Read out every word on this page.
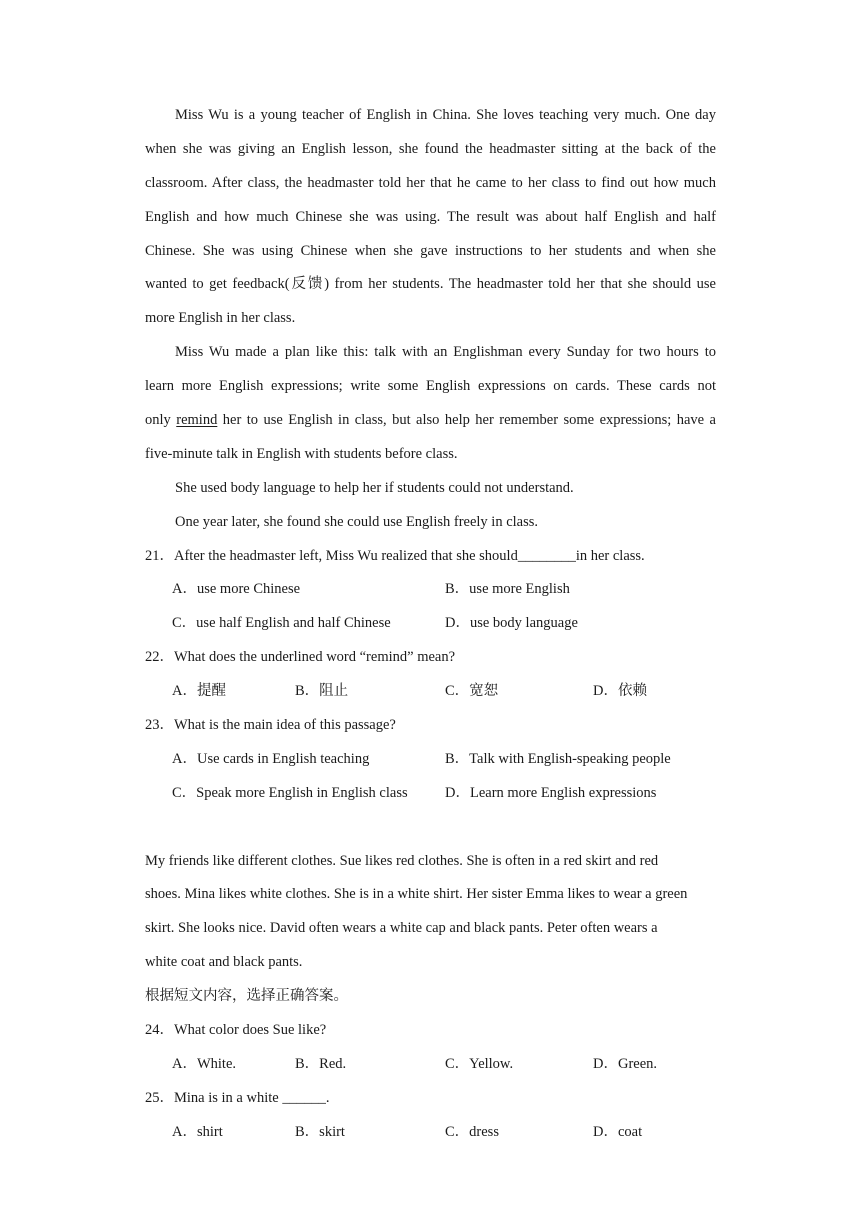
Miss Wu is a young teacher of English in China. She loves teaching very much. One day
when she was giving an English lesson, she found the headmaster sitting at the back of the
classroom. After class, the headmaster told her that he came to her class to find out how much
English and how much Chinese she was using. The result was about half English and half
Chinese. She was using Chinese when she gave instructions to her students and when she
wanted to get feedback(反馈) from her students. The headmaster told her that she should use
more English in her class.
Miss Wu made a plan like this: talk with an Englishman every Sunday for two hours to
learn more English expressions; write some English expressions on cards. These cards not
only remind her to use English in class, but also help her remember some expressions; have a
five-minute talk in English with students before class.
She used body language to help her if students could not understand.
One year later, she found she could use English freely in class.
21．After the headmaster left, Miss Wu realized that she should________in her class.
A．use more Chinese	B．use more English
C．use half English and half Chinese	D．use body language
22．What does the underlined word “remind” mean?
A．提醒	B．阻止	C．宽恕	D．依赖
23．What is the main idea of this passage?
A．Use cards in English teaching	B．Talk with English-speaking people
C．Speak more English in English class	D．Learn more English expressions
My friends like different clothes. Sue likes red clothes. She is often in a red skirt and red
shoes. Mina likes white clothes. She is in a white shirt. Her sister Emma likes to wear a green
skirt. She looks nice. David often wears a white cap and black pants. Peter often wears a
white coat and black pants.
根据短文内容，选择正确答案。
24．What color does Sue like?
A．White.	B．Red.	C．Yellow.	D．Green.
25．Mina is in a white ______.
A．shirt	B．skirt	C．dress	D．coat
